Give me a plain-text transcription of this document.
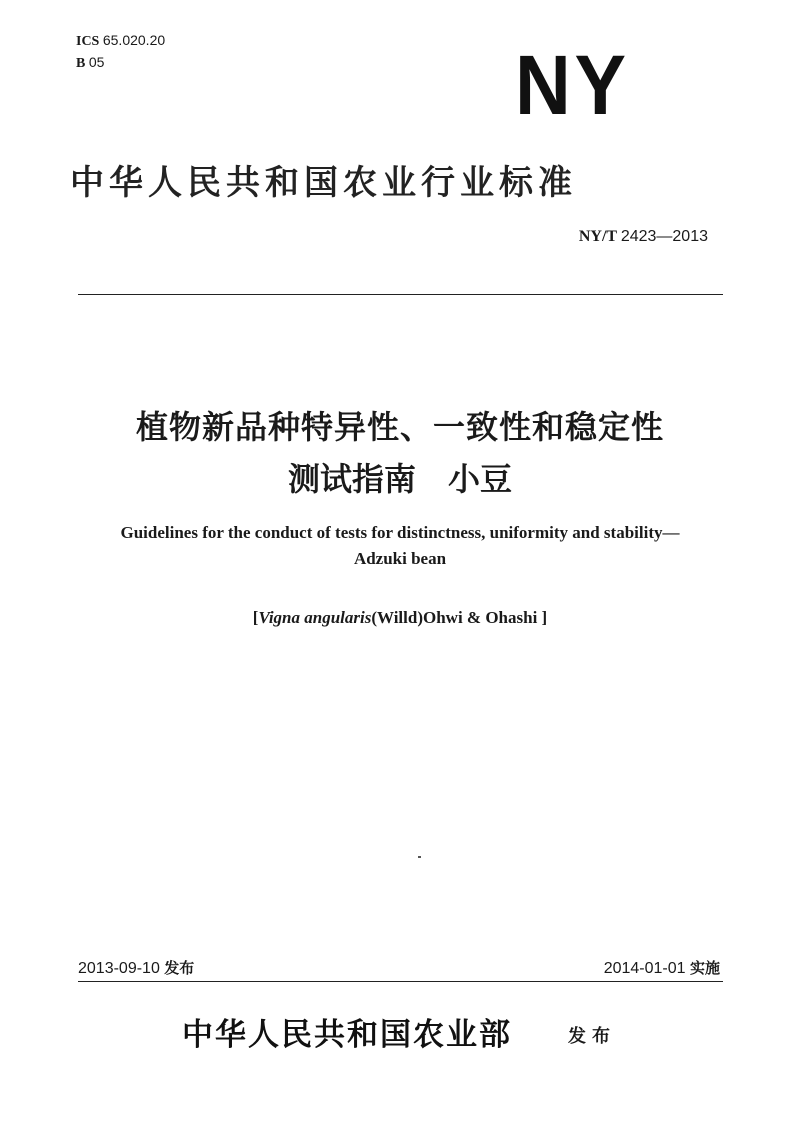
ICS 65.020.20
B 05	NY
中华人民共和国农业行业标准
NY/T 2423—2013
植物新品种特异性、一致性和稳定性
测试指南　小豆
Guidelines for the conduct of tests for distinctness, uniformity and stability—
Adzuki bean
[Vigna angularis(Willd)Ohwi & Ohashi ]
2013-09-10 发布	2014-01-01 实施
中华人民共和国农业部	发布
